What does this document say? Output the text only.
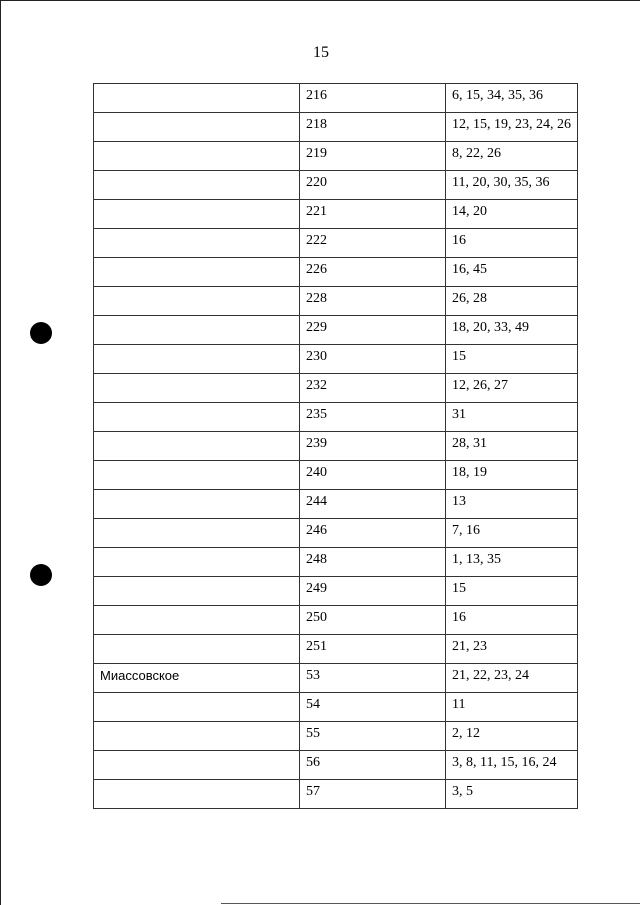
15
	216	6, 15, 34, 35, 36
	218	12, 15, 19, 23, 24, 26
	219	8, 22, 26
	220	11, 20, 30, 35, 36
	221	14, 20
	222	16
	226	16, 45
	228	26, 28
	229	18, 20, 33, 49
	230	15
	232	12, 26, 27
	235	31
	239	28, 31
	240	18, 19
	244	13
	246	7, 16
	248	1, 13, 35
	249	15
	250	16
	251	21, 23
Миассовское	53	21, 22, 23, 24
	54	11
	55	2, 12
	56	3, 8, 11, 15, 16, 24
	57	3, 5
